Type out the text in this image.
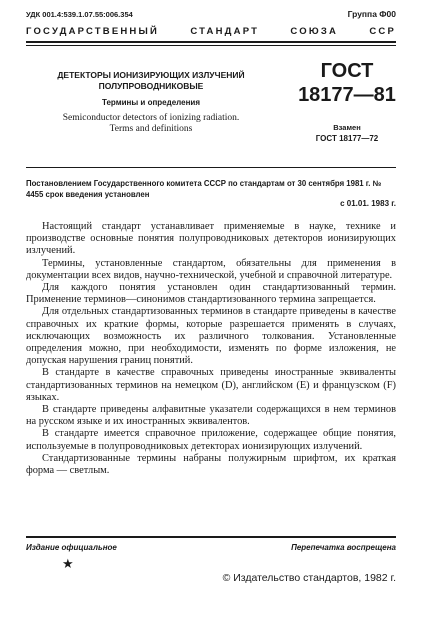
УДК 001.4:539.1.07.55:006.354	Группа Ф00
ГОСУДАРСТВЕННЫЙ СТАНДАРТ СОЮЗА ССР
ДЕТЕКТОРЫ ИОНИЗИРУЮЩИХ ИЗЛУЧЕНИЙ
ПОЛУПРОВОДНИКОВЫЕ
Термины и определения
Semiconductor detectors of ionizing radiation.
Terms and definitions
ГОСТ
18177—81
Взамен
ГОСТ 18177—72
Постановлением Государственного комитета СССР по стандартам от 30 сентября 1981 г. № 4455 срок введения установлен
с 01.01. 1983 г.

Настоящий стандарт устанавливает применяемые в науке, технике и производстве основные понятия полупроводниковых детекторов ионизирующих излучений.

Термины, установленные стандартом, обязательны для применения в документации всех видов, научно-технической, учебной и справочной литературе.

Для каждого понятия установлен один стандартизованный термин. Применение терминов—синонимов стандартизованного термина запрещается.

Для отдельных стандартизованных терминов в стандарте приведены в качестве справочных их краткие формы, которые разрешается применять в случаях, исключающих возможность их различного толкования. Установленные определения можно, при необходимости, изменять по форме изложения, не допуская нарушения границ понятий.

В стандарте в качестве справочных приведены иностранные эквиваленты стандартизованных терминов на немецком (D), английском (E) и французском (F) языках.

В стандарте приведены алфавитные указатели содержащихся в нем терминов на русском языке и их иностранных эквивалентов.

В стандарте имеется справочное приложение, содержащее общие понятия, используемые в полупроводниковых детекторах ионизирующих излучений.

Стандартизованные термины набраны полужирным шрифтом, их краткая форма — светлым.

Издание официальное	Перепечатка воспрещена
★
© Издательство стандартов, 1982 г.
